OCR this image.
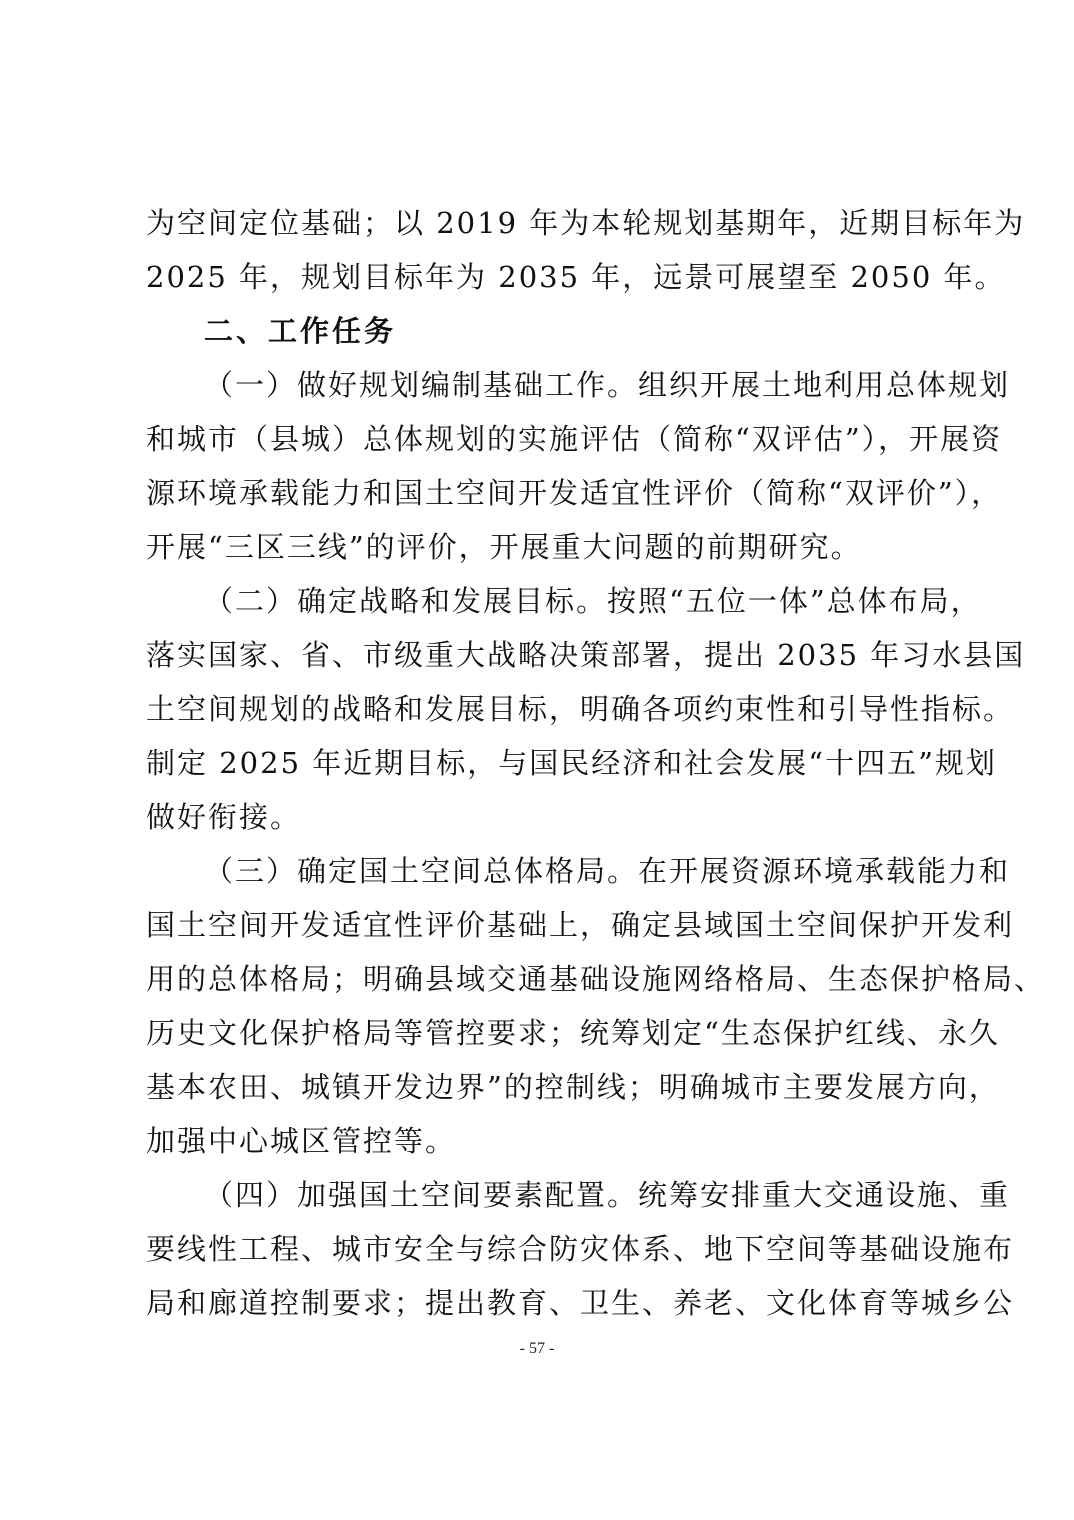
为空间定位基础；以 2019 年为本轮规划基期年，近期目标年为
2025 年，规划目标年为 2035 年，远景可展望至 2050 年。
二、工作任务
（一）做好规划编制基础工作。组织开展土地利用总体规划
和城市（县城）总体规划的实施评估（简称“双评估”），开展资
源环境承载能力和国土空间开发适宜性评价（简称“双评价”），
开展“三区三线”的评价，开展重大问题的前期研究。
（二）确定战略和发展目标。按照“五位一体”总体布局，
落实国家、省、市级重大战略决策部署，提出 2035 年习水县国
土空间规划的战略和发展目标，明确各项约束性和引导性指标。
制定 2025 年近期目标，与国民经济和社会发展“十四五”规划
做好衔接。
（三）确定国土空间总体格局。在开展资源环境承载能力和
国土空间开发适宜性评价基础上，确定县域国土空间保护开发利
用的总体格局；明确县域交通基础设施网络格局、生态保护格局、
历史文化保护格局等管控要求；统筹划定“生态保护红线、永久
基本农田、城镇开发边界”的控制线；明确城市主要发展方向，
加强中心城区管控等。
（四）加强国土空间要素配置。统筹安排重大交通设施、重
要线性工程、城市安全与综合防灾体系、地下空间等基础设施布
局和廊道控制要求；提出教育、卫生、养老、文化体育等城乡公
- 57 -
